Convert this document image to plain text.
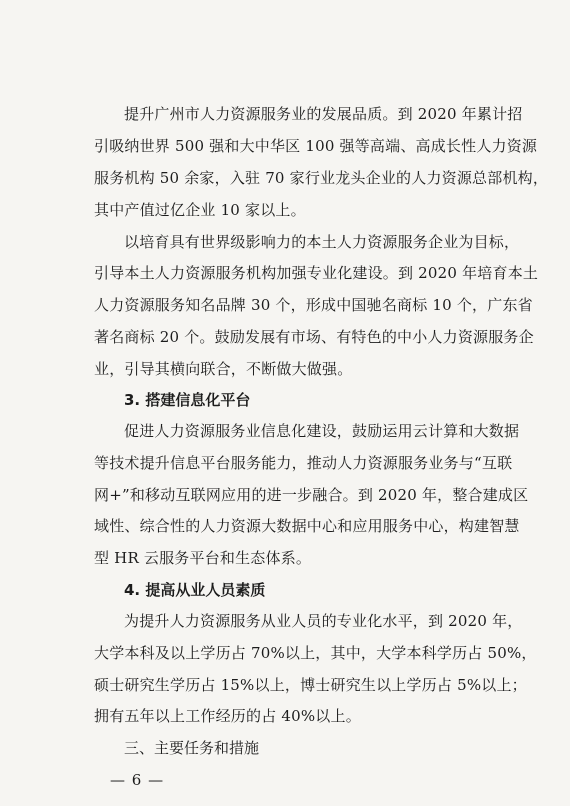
提升广州市人力资源服务业的发展品质。到 2020 年累计招
引吸纳世界 500 强和大中华区 100 强等高端、高成长性人力资源
服务机构 50 余家，入驻 70 家行业龙头企业的人力资源总部机构，
其中产值过亿企业 10 家以上。
以培育具有世界级影响力的本土人力资源服务企业为目标，
引导本土人力资源服务机构加强专业化建设。到 2020 年培育本土
人力资源服务知名品牌 30 个，形成中国驰名商标 10 个，广东省
著名商标 20 个。鼓励发展有市场、有特色的中小人力资源服务企
业，引导其横向联合，不断做大做强。
3. 搭建信息化平台
促进人力资源服务业信息化建设，鼓励运用云计算和大数据
等技术提升信息平台服务能力，推动人力资源服务业务与“互联
网+”和移动互联网应用的进一步融合。到 2020 年，整合建成区
域性、综合性的人力资源大数据中心和应用服务中心，构建智慧
型 HR 云服务平台和生态体系。
4. 提高从业人员素质
为提升人力资源服务从业人员的专业化水平，到 2020 年，
大学本科及以上学历占 70%以上，其中，大学本科学历占 50%，
硕士研究生学历占 15%以上，博士研究生以上学历占 5%以上；
拥有五年以上工作经历的占 40%以上。
三、主要任务和措施
— 6 —
